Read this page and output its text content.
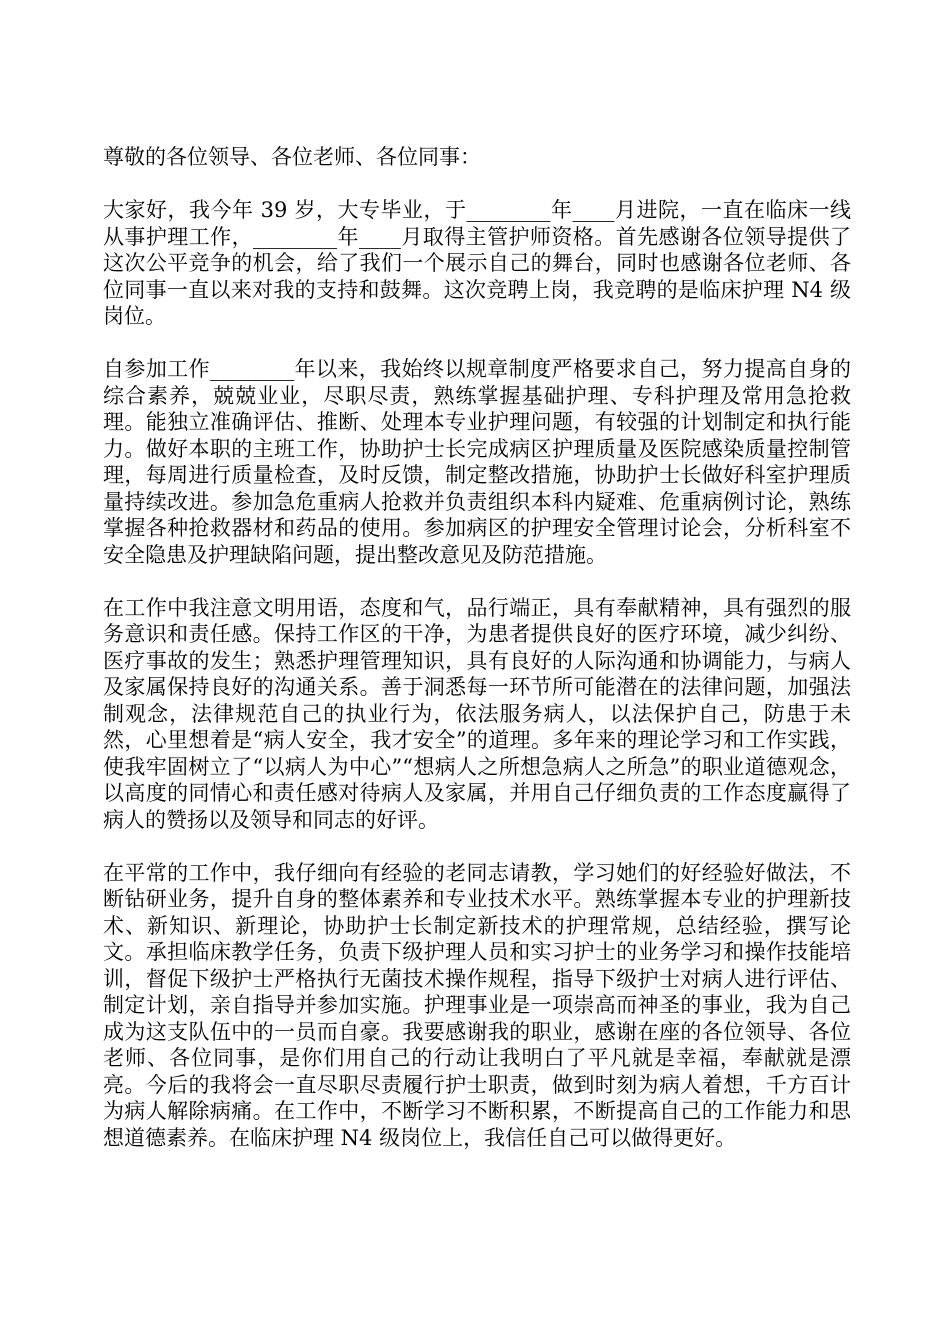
尊敬的各位领导、各位老师、各位同事：

大家好，我今年 39 岁，大专毕业，于________年____月进院，一直在临床一线从事护理工作，________年____月取得主管护师资格。首先感谢各位领导提供了这次公平竞争的机会，给了我们一个展示自己的舞台，同时也感谢各位老师、各位同事一直以来对我的支持和鼓舞。这次竞聘上岗，我竞聘的是临床护理 N4 级岗位。

自参加工作________年以来，我始终以规章制度严格要求自己，努力提高自身的综合素养，兢兢业业，尽职尽责，熟练掌握基础护理、专科护理及常用急抢救理。能独立准确评估、推断、处理本专业护理问题，有较强的计划制定和执行能力。做好本职的主班工作，协助护士长完成病区护理质量及医院感染质量控制管理，每周进行质量检查，及时反馈，制定整改措施，协助护士长做好科室护理质量持续改进。参加急危重病人抢救并负责组织本科内疑难、危重病例讨论，熟练掌握各种抢救器材和药品的使用。参加病区的护理安全管理讨论会，分析科室不安全隐患及护理缺陷问题，提出整改意见及防范措施。

在工作中我注意文明用语，态度和气，品行端正，具有奉献精神，具有强烈的服务意识和责任感。保持工作区的干净，为患者提供良好的医疗环境，减少纠纷、医疗事故的发生；熟悉护理管理知识，具有良好的人际沟通和协调能力，与病人及家属保持良好的沟通关系。善于洞悉每一环节所可能潜在的法律问题，加强法制观念，法律规范自己的执业行为，依法服务病人，以法保护自己，防患于未然，心里想着是“病人安全，我才安全”的道理。多年来的理论学习和工作实践，使我牢固树立了“以病人为中心”“想病人之所想急病人之所急”的职业道德观念，以高度的同情心和责任感对待病人及家属，并用自己仔细负责的工作态度赢得了病人的赞扬以及领导和同志的好评。

在平常的工作中，我仔细向有经验的老同志请教，学习她们的好经验好做法，不断钻研业务，提升自身的整体素养和专业技术水平。熟练掌握本专业的护理新技术、新知识、新理论，协助护士长制定新技术的护理常规，总结经验，撰写论文。承担临床教学任务，负责下级护理人员和实习护士的业务学习和操作技能培训，督促下级护士严格执行无菌技术操作规程，指导下级护士对病人进行评估、制定计划，亲自指导并参加实施。护理事业是一项崇高而神圣的事业，我为自己成为这支队伍中的一员而自豪。我要感谢我的职业，感谢在座的各位领导、各位老师、各位同事，是你们用自己的行动让我明白了平凡就是幸福，奉献就是漂亮。今后的我将会一直尽职尽责履行护士职责，做到时刻为病人着想，千方百计为病人解除病痛。在工作中，不断学习不断积累，不断提高自己的工作能力和思想道德素养。在临床护理 N4 级岗位上，我信任自己可以做得更好。
